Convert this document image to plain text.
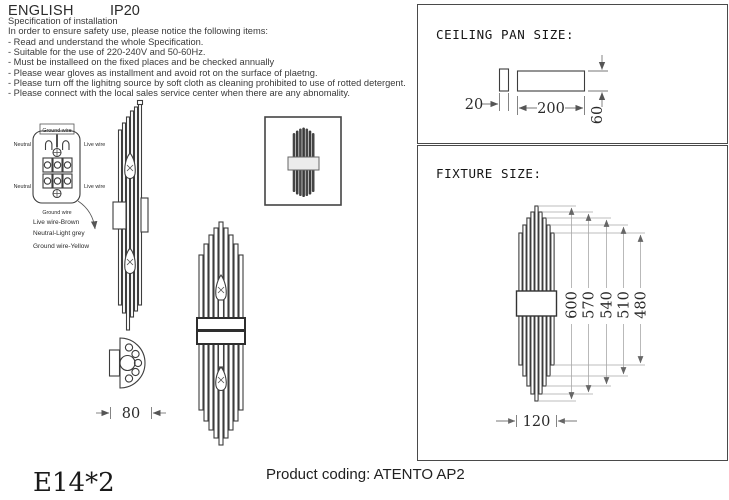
ENGLISH IP20
Specification of installation
In order to ensure safety use, please notice the following items:
- Read and understand the whole Specification.
- Suitable for the use of 220-240V and 50-60Hz.
- Must be installeed on the fixed places and be checked annually
- Please wear gloves as installment and avoid rot on the surface of plaetng.
- Please turn off the lighitng source by soft cloth as cleaning prohibited to use of rotted detergent.
- Please connect with the local sales service center when there are any abnomality.
Ground wire
Neutral	Live wire
Neutral	Live wire
Ground wire
Live wire-Brown
Neutral-Light grey
Ground wire-Yellow
80
CEILING PAN SIZE:
20	200 60
FIXTURE SIZE:
600 570 540 510 480
120
E14*2	Product coding: ATENTO AP2
